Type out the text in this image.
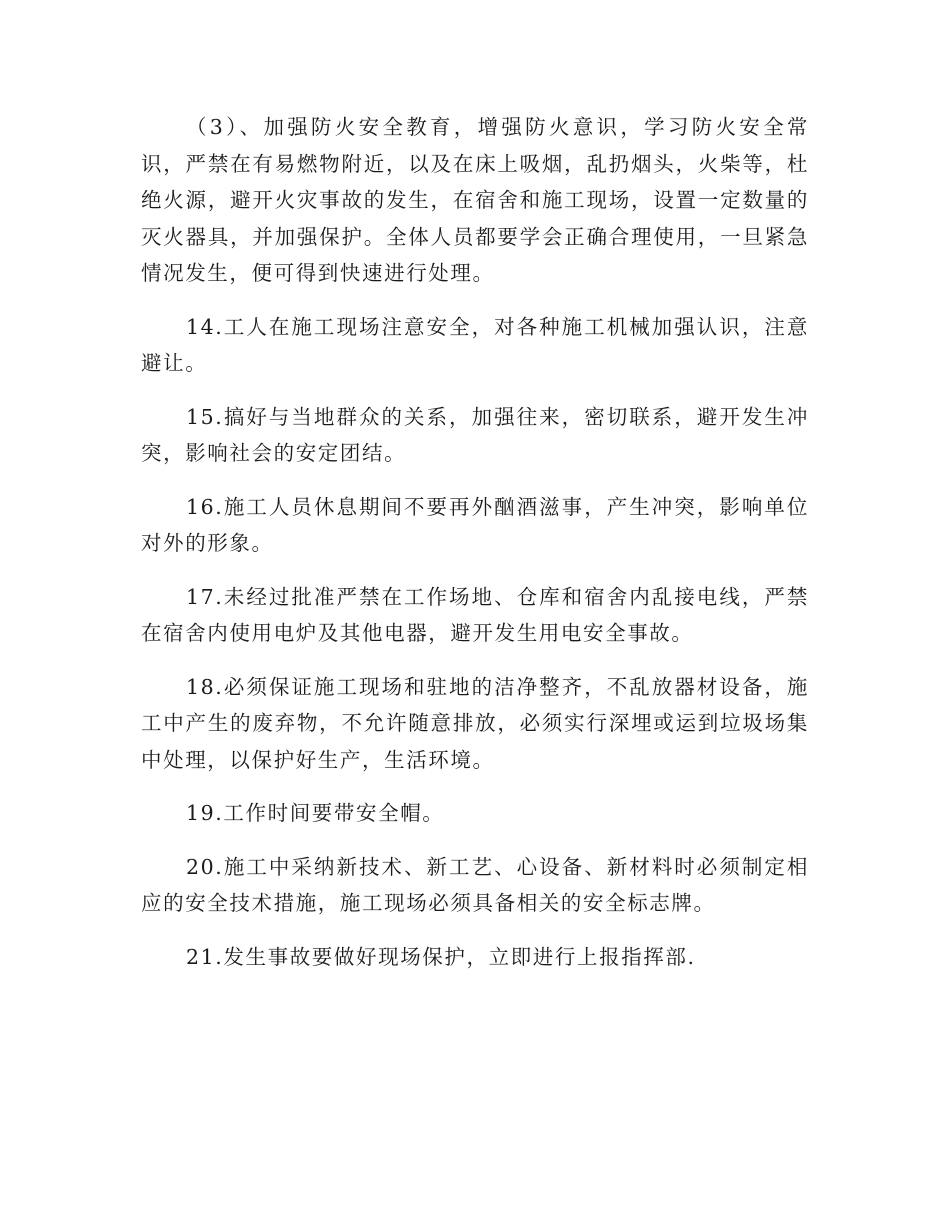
（3）、加强防火安全教育，增强防火意识，学习防火安全常识，严禁在有易燃物附近，以及在床上吸烟，乱扔烟头，火柴等，杜绝火源，避开火灾事故的发生，在宿舍和施工现场，设置一定数量的灭火器具，并加强保护。全体人员都要学会正确合理使用，一旦紧急情况发生，便可得到快速进行处理。

14.工人在施工现场注意安全，对各种施工机械加强认识，注意避让。

15.搞好与当地群众的关系，加强往来，密切联系，避开发生冲突，影响社会的安定团结。

16.施工人员休息期间不要再外酗酒滋事，产生冲突，影响单位对外的形象。

17.未经过批准严禁在工作场地、仓库和宿舍内乱接电线，严禁在宿舍内使用电炉及其他电器，避开发生用电安全事故。

18.必须保证施工现场和驻地的洁净整齐，不乱放器材设备，施工中产生的废弃物，不允许随意排放，必须实行深埋或运到垃圾场集中处理，以保护好生产，生活环境。

19.工作时间要带安全帽。

20.施工中采纳新技术、新工艺、心设备、新材料时必须制定相应的安全技术措施，施工现场必须具备相关的安全标志牌。

21.发生事故要做好现场保护，立即进行上报指挥部.
